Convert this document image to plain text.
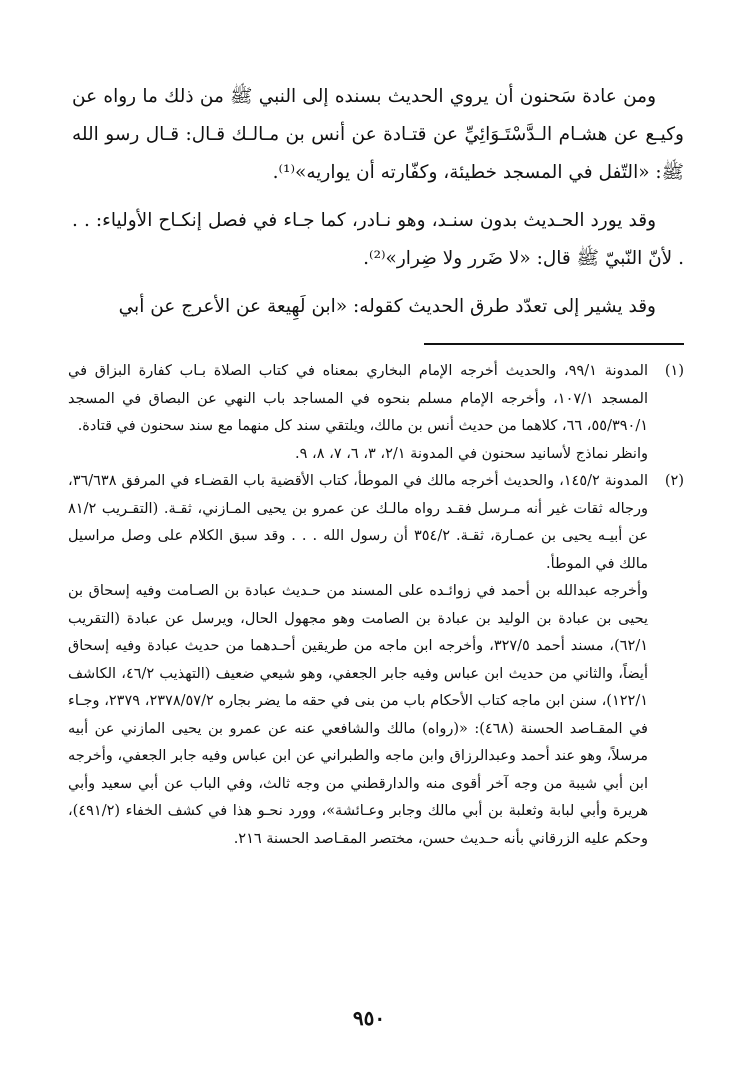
ومن عادة سَحنون أن يروي الحديث بسنده إلى النبي ﷺ من ذلك ما رواه عن وكيـع عن هشـام الـدَّسْتَـوَائِيِّ عن قتـادة عن أنس بن مـالـك قـال: قـال رسو الله ﷺ: «التّفل في المسجد خطيئة، وكفّارته أن يواريه»⁽¹⁾.

وقد يورد الحـديث بدون سنـد، وهو نـادر، كما جـاء في فصل إنكـاح الأولياء: . . . لأنّ النّبيّ ﷺ قال: «لا ضَرر ولا ضِرار»⁽²⁾.

وقد يشير إلى تعدّد طرق الحديث كقوله: «ابن لَهِيعة عن الأعرج عن أبي

(١)

المدونة ٩٩/١، والحديث أخرجه الإمام البخاري بمعناه في كتاب الصلاة بـاب كفارة البزاق في المسجد ١٠٧/١، وأخرجه الإمام مسلم بنحوه في المساجد باب النهي عن البصاق في المسجد ٥٥/٣٩٠/١، ٦٦، كلاهما من حديث أنس بن مالك، ويلتقي سند كل منهما مع سند سحنون في قتادة.

وانظر نماذج لأسانيد سحنون في المدونة ٢/١، ٣، ٦، ٧، ٨، ٩.

(٢)

المدونة ١٤٥/٢، والحديث أخرجه مالك في الموطأ، كتاب الأقضية باب القضـاء في المرفق ٣٦/٦٣٨، ورجاله ثقات غير أنه مـرسل فقـد رواه مالـك عن عمرو بن يحيى المـازني، ثقـة. (التقـريب ٨١/٢ عن أبيـه يحيى بن عمـارة، ثقـة. ٣٥٤/٢ أن رسول الله . . . وقد سبق الكلام على وصل مراسيل مالك في الموطأ.

وأخرجه عبدالله بن أحمد في زوائـده على المسند من حـديث عبادة بن الصـامت وفيه إسحاق بن يحيى بن عبادة بن الوليد بن عبادة بن الصامت وهو مجهول الحال، ويرسل عن عبادة (التقريب ٦٢/١)، مسند أحمد ٣٢٧/٥، وأخرجه ابن ماجه من طريقين أحـدهما من حديث عبادة وفيه إسحاق أيضاً، والثاني من حديث ابن عباس وفيه جابر الجعفي، وهو شيعي ضعيف (التهذيب ٤٦/٢، الكاشف ١٢٢/١)، سنن ابن ماجه كتاب الأحكام باب من بنى في حقه ما يضر بجاره ٢٣٧٨/٥٧/٢، ٢٣٧٩، وجـاء في المقـاصد الحسنة (٤٦٨): «(رواه) مالك والشافعي عنه عن عمرو بن يحيى المازني عن أبيه مرسلاً، وهو عند أحمد وعبدالرزاق وابن ماجه والطبراني عن ابن عباس وفيه جابر الجعفي، وأخرجه ابن أبي شيبة من وجه آخر أقوى منه والدارقطني من وجه ثالث، وفي الباب عن أبي سعيد وأبي هريرة وأبي لبابة وثعلبة بن أبي مالك وجابر وعـائشة»، وورد نحـو هذا في كشف الخفاء (٤٩١/٢)، وحكم عليه الزرقاني بأنه حـديث حسن، مختصر المقـاصد الحسنة ٢١٦.

٩٥٠
